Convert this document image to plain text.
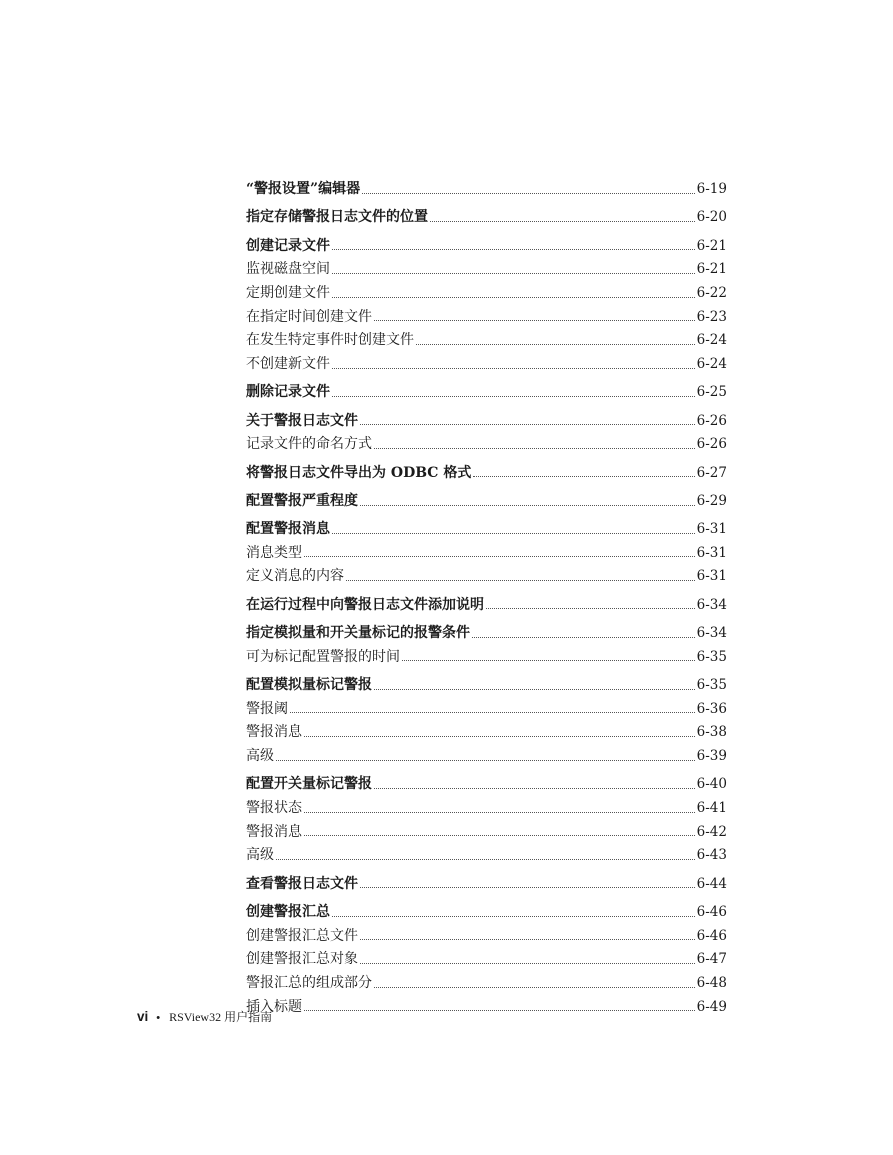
“警报设置”编辑器	6-19
指定存储警报日志文件的位置	6-20
创建记录文件	6-21
监视磁盘空间	6-21
定期创建文件	6-22
在指定时间创建文件	6-23
在发生特定事件时创建文件	6-24
不创建新文件	6-24
删除记录文件	6-25
关于警报日志文件	6-26
记录文件的命名方式	6-26
将警报日志文件导出为 ODBC 格式	6-27
配置警报严重程度	6-29
配置警报消息	6-31
消息类型	6-31
定义消息的内容	6-31
在运行过程中向警报日志文件添加说明	6-34
指定模拟量和开关量标记的报警条件	6-34
可为标记配置警报的时间	6-35
配置模拟量标记警报	6-35
警报阈	6-36
警报消息	6-38
高级	6-39
配置开关量标记警报	6-40
警报状态	6-41
警报消息	6-42
高级	6-43
查看警报日志文件	6-44
创建警报汇总	6-46
创建警报汇总文件	6-46
创建警报汇总对象	6-47
警报汇总的组成部分	6-48
插入标题	6-49
vi • RSView32 用户指南
